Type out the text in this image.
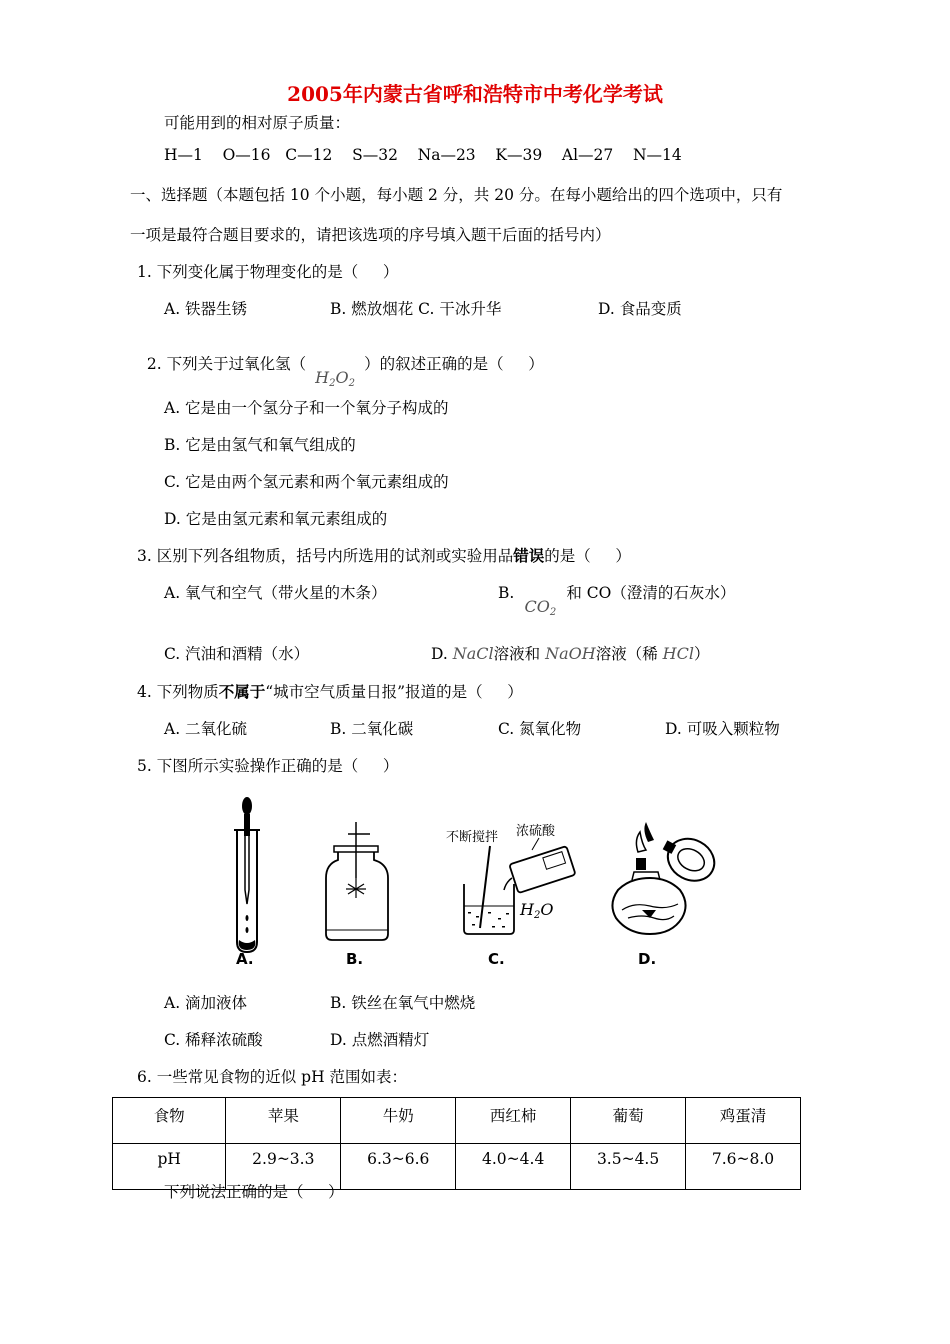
2005年内蒙古省呼和浩特市中考化学考试
可能用到的相对原子质量：
H—1    O—16   C—12    S—32    Na—23    K—39    Al—27    N—14
一、选择题（本题包括 10 个小题，每小题 2 分，共 20 分。在每小题给出的四个选项中，只有
一项是最符合题目要求的，请把该选项的序号填入题干后面的括号内）
1. 下列变化属于物理变化的是（     ）
A. 铁器生锈	B. 燃放烟花 C. 干冰升华	D. 食品变质

2. 下列关于过氧化氢$(H_2O_2)$的叙述正确的是（     ）

A. 它是由一个氢分子和一个氧分子构成的
B. 它是由氢气和氧气组成的
C. 它是由两个氢元素和两个氧元素组成的
D. 它是由氢元素和氧元素组成的
3. 区别下列各组物质，括号内所选用的试剂或实验用品错误的是（     ）
A. 氧气和空气（带火星的木条）	$B.CO_2$和 CO（澄清的石灰水）
C. 汽油和酒精（水）	D. NaCl溶液和 NaOH溶液（稀 HCl）
4. 下列物质不属于“城市空气质量日报”报道的是（     ）
A. 二氧化硫	B. 二氧化碳	C. 氮氧化物	D. 可吸入颗粒物
5. 下图所示实验操作正确的是（     ）
A.	B.
不断搅拌 浓硫酸
$H_2O$
C.	D.
A. 滴加液体	B. 铁丝在氧气中燃烧
C. 稀释浓硫酸	D. 点燃酒精灯
6. 一些常见食物的近似 pH 范围如表：
食物	苹果	牛奶	西红柿	葡萄	鸡蛋清
pH	2.9~3.3	6.3~6.6	4.0~4.4	3.5~4.5	7.6~8.0
下列说法正确的是（     ）
